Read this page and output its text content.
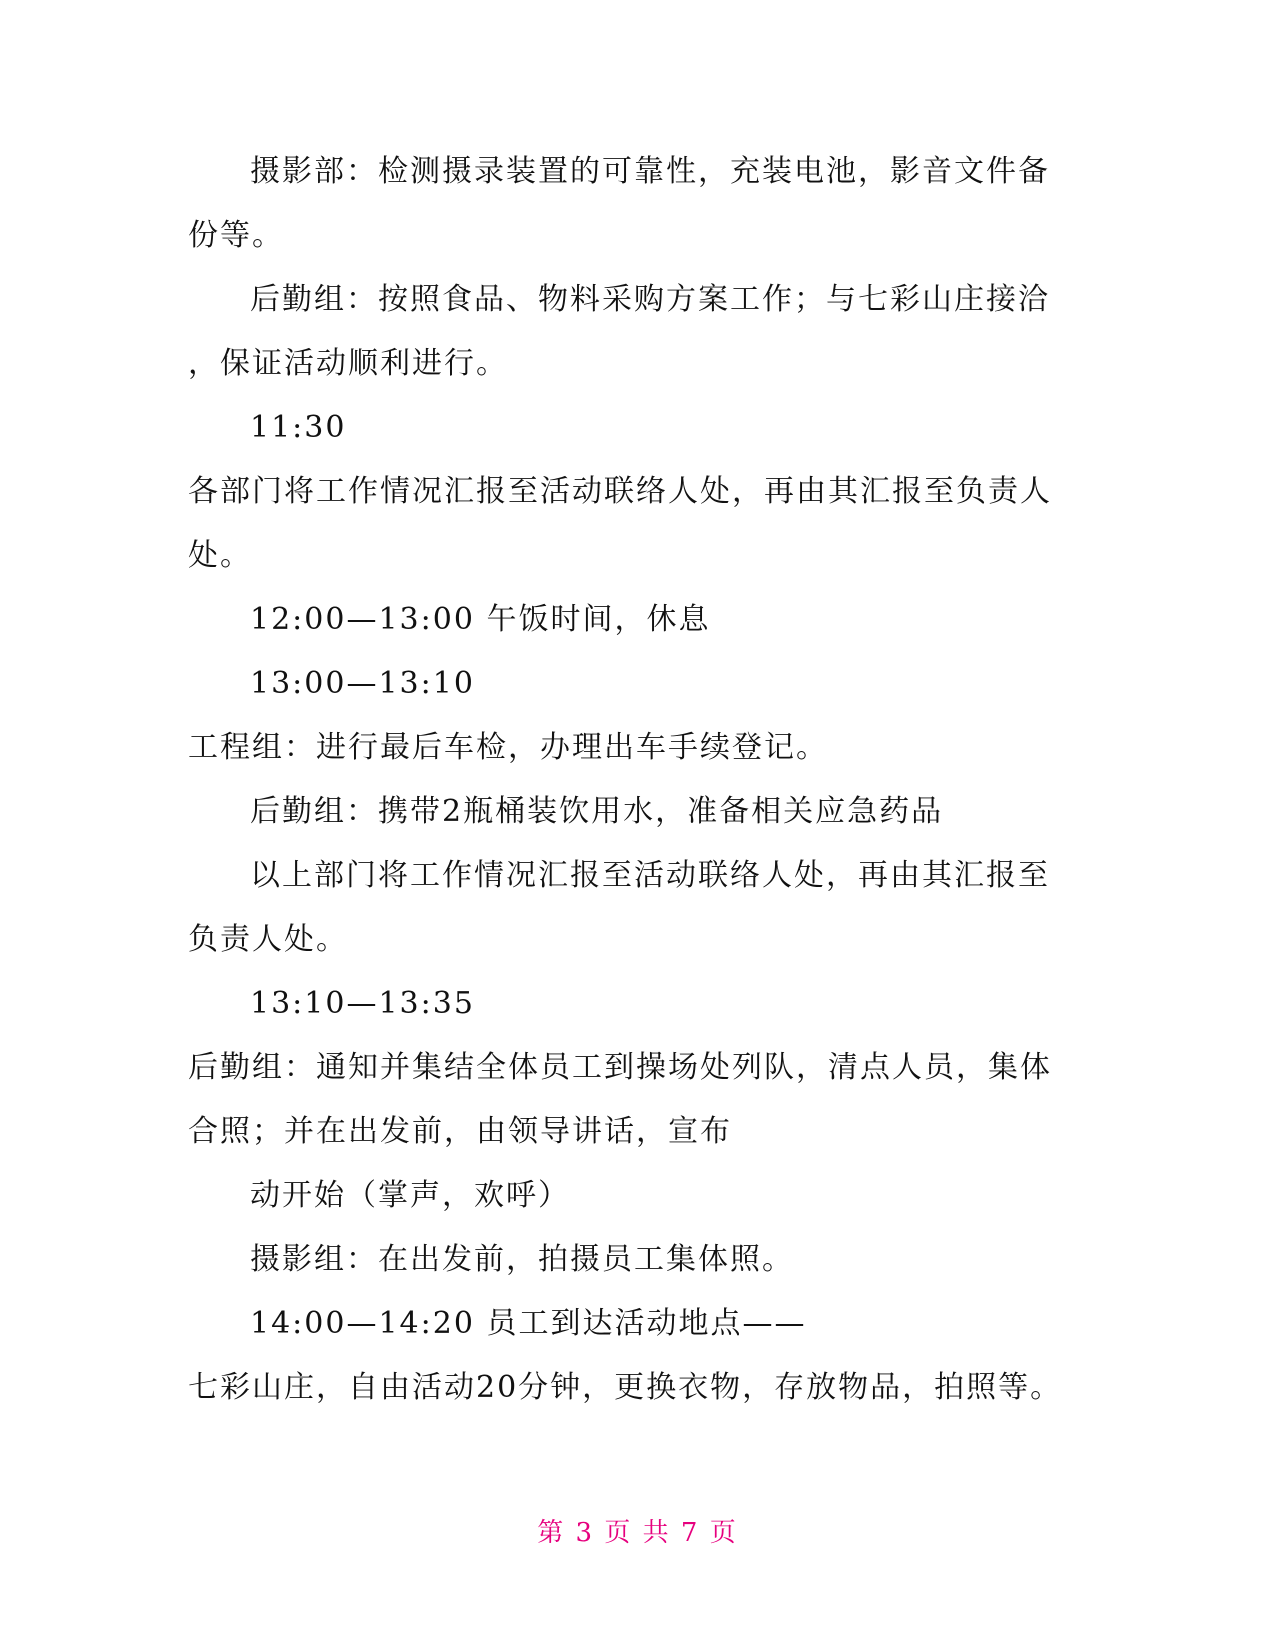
摄影部：检测摄录装置的可靠性，充装电池，影音文件备
份等。
后勤组：按照食品、物料采购方案工作；与七彩山庄接洽
，保证活动顺利进行。
11:30
各部门将工作情况汇报至活动联络人处，再由其汇报至负责人
处。
12:00—13:00 午饭时间，休息
13:00—13:10
工程组：进行最后车检，办理出车手续登记。
后勤组：携带2瓶桶装饮用水，准备相关应急药品
以上部门将工作情况汇报至活动联络人处，再由其汇报至
负责人处。
13:10—13:35
后勤组：通知并集结全体员工到操场处列队，清点人员，集体
合照；并在出发前，由领导讲话，宣布
动开始（掌声，欢呼）
摄影组：在出发前，拍摄员工集体照。
14:00—14:20 员工到达活动地点——
七彩山庄，自由活动20分钟，更换衣物，存放物品，拍照等。
第 3 页 共 7 页
